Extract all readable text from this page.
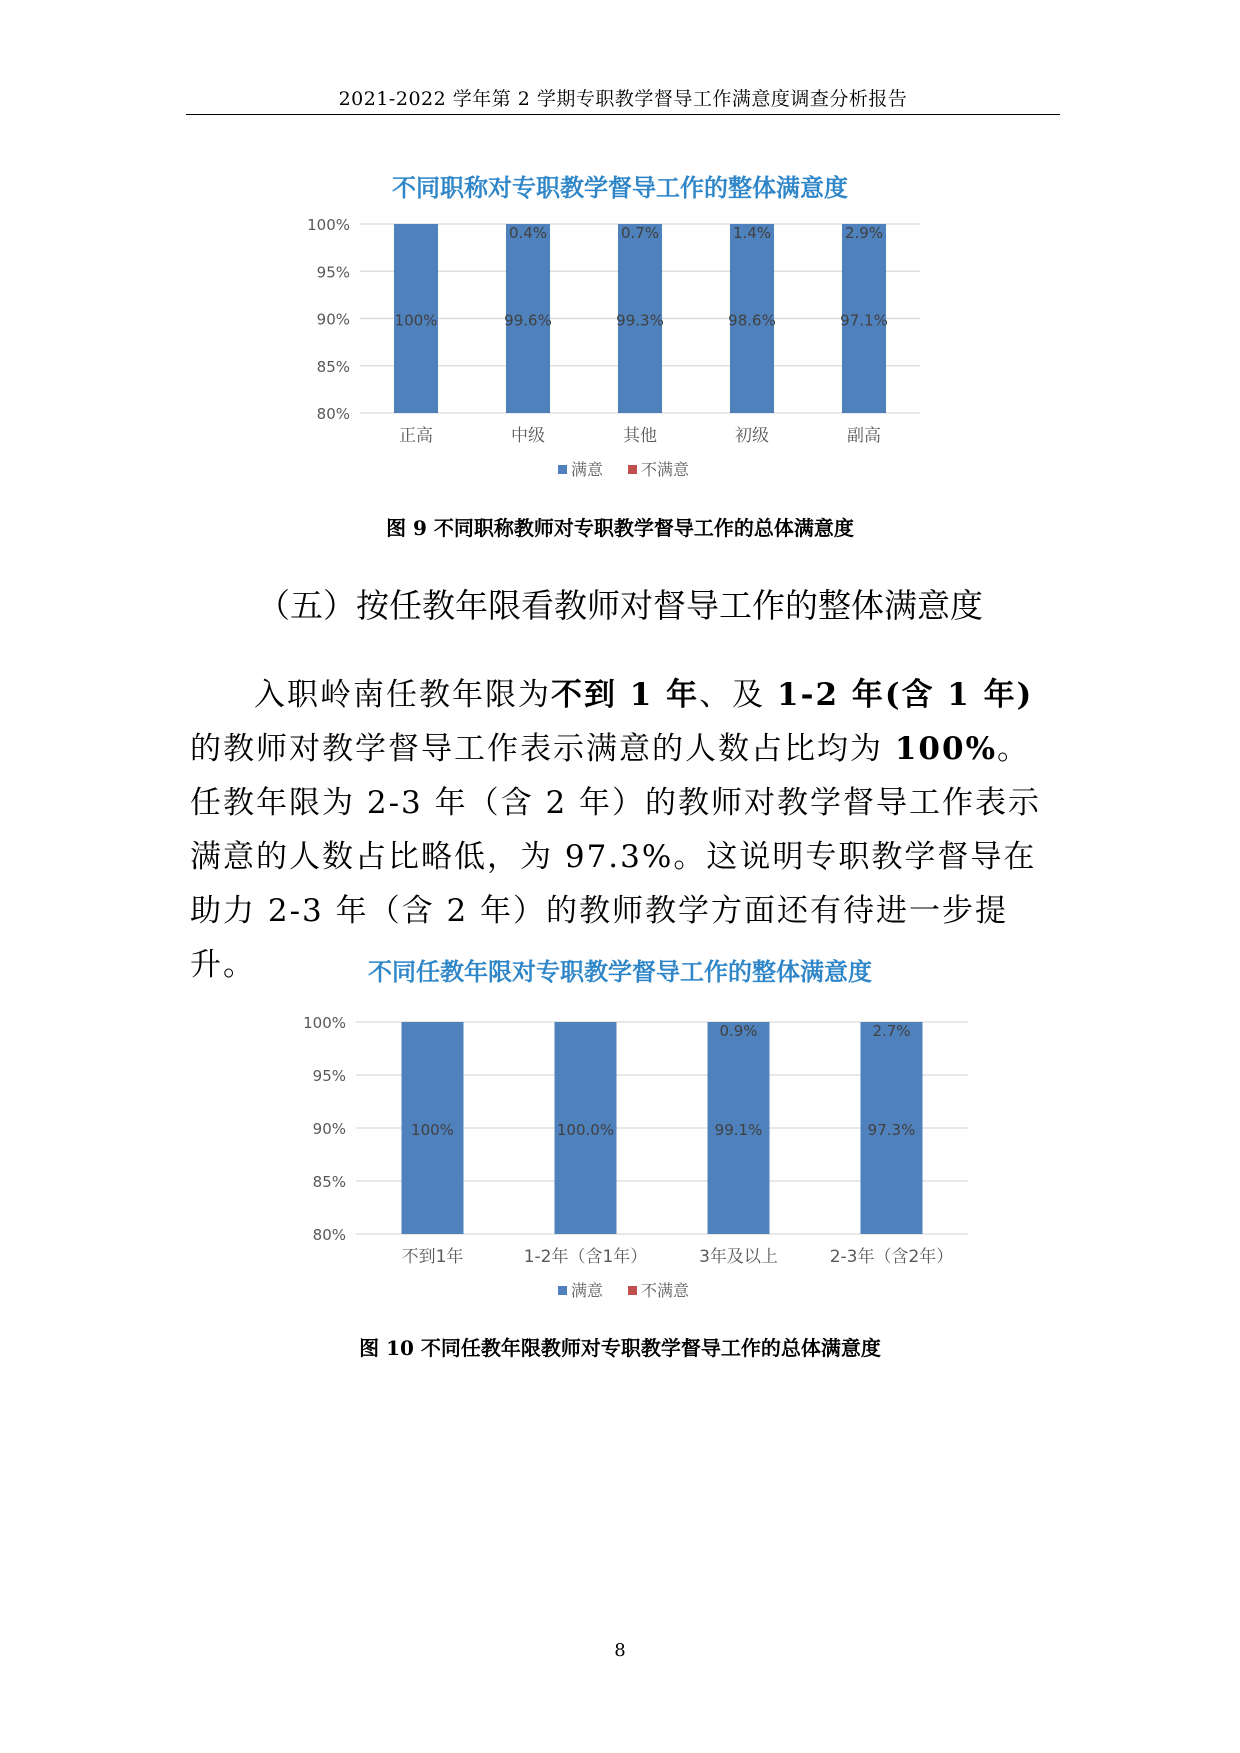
2021-2022 学年第 2 学期专职教学督导工作满意度调查分析报告
不同职称对专职教学督导工作的整体满意度
80%
85%
90%
95%
100%
100%
正高
99.6%
0.4%
中级
99.3%
0.7%
其他
98.6%
1.4%
初级
97.1%
2.9%
副高
满意 不满意
图 9 不同职称教师对专职教学督导工作的总体满意度
（五）按任教年限看教师对督导工作的整体满意度

入职岭南任教年限为不到 1 年、及 1-2 年(含 1 年)的教师对教学督导工作表示满意的人数占比均为 100%。任教年限为 2-3 年（含 2 年）的教师对教学督导工作表示满意的人数占比略低，为 97.3%。这说明专职教学督导在助力 2-3 年（含 2 年）的教师教学方面还有待进一步提升。	不同任教年限对专职教学督导工作的整体满意度
80%
85%
90%
95%
100%
100%
不到1年
100.0%
1-2年（含1年）
99.1%
0.9%
3年及以上
97.3%
2.7%
2-3年（含2年）
满意 不满意
图 10 不同任教年限教师对专职教学督导工作的总体满意度
8
